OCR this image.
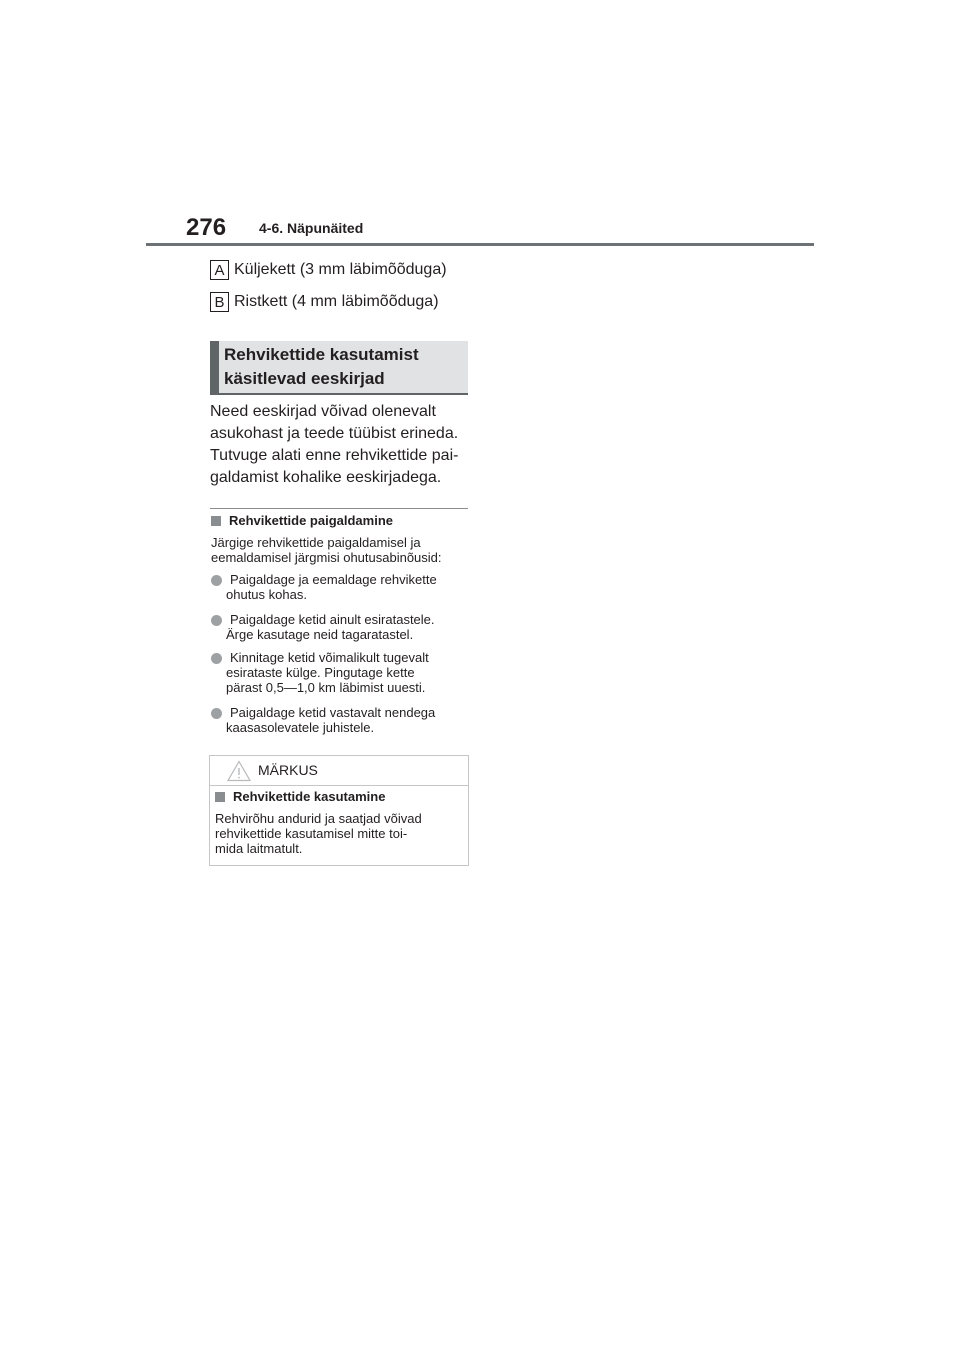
276 4-6. Näpunäited
A Küljekett (3 mm läbimõõduga)
B Ristkett (4 mm läbimõõduga)
Rehvikettide kasutamist
käsitlevad eeskirjad
Need eeskirjad võivad olenevalt
asukohast ja teede tüübist erineda.
Tutvuge alati enne rehvikettide pai-
galdamist kohalike eeskirjadega.
Rehvikettide paigaldamine
Järgige rehvikettide paigaldamisel ja
eemaldamisel järgmisi ohutusabinõusid:
Paigaldage ja eemaldage rehvikette
ohutus kohas.
Paigaldage ketid ainult esiratastele.
Ärge kasutage neid tagaratastel.
Kinnitage ketid võimalikult tugevalt
esirataste külge. Pingutage kette
pärast 0,5—1,0 km läbimist uuesti.
Paigaldage ketid vastavalt nendega
kaasasolevatele juhistele.
MÄRKUS
Rehvikettide kasutamine
Rehvirõhu andurid ja saatjad võivad
rehvikettide kasutamisel mitte toi-
mida laitmatult.
